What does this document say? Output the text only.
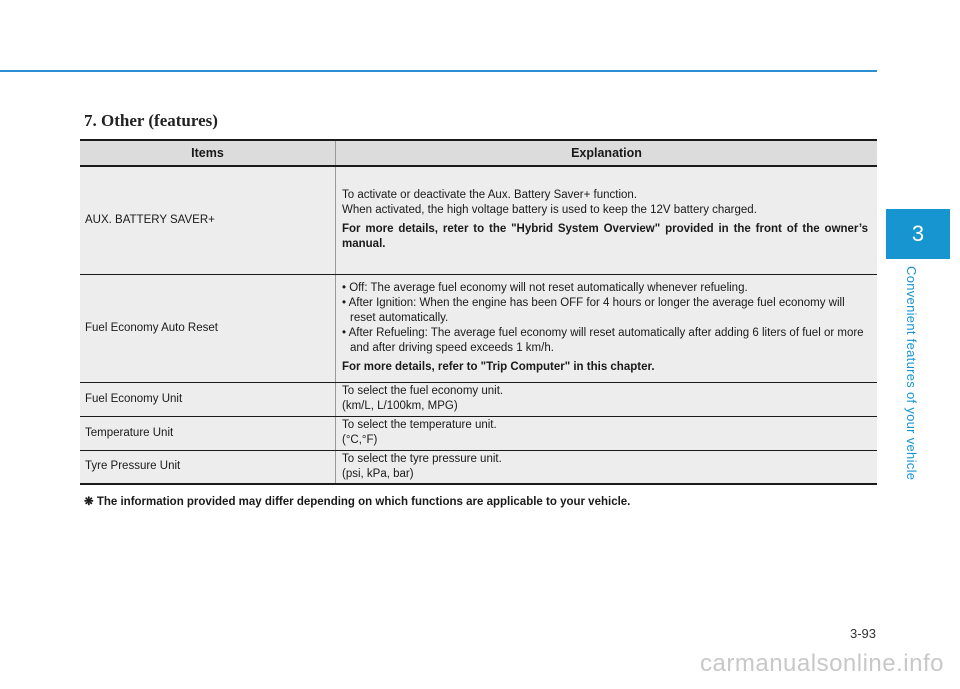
7. Other (features)
Items	Explanation
AUX. BATTERY SAVER+	To activate or deactivate the Aux. Battery Saver+ function.

When activated, the high voltage battery is used to keep the 12V battery charged.

For more details, reter to the "Hybrid System Overview" provided in the front of the owner’s manual.

Fuel Economy Auto Reset	• Off: The average fuel economy will not reset automatically whenever refueling.

• After Ignition: When the engine has been OFF for 4 hours or longer the average fuel economy will reset automatically.

• After Refueling: The average fuel economy will reset automatically after adding 6 liters of fuel or more and after driving speed exceeds 1 km/h.

For more details, refer to "Trip Computer" in this chapter.

Fuel Economy Unit	To select the fuel economy unit.

(km/L, L/100km, MPG)

Temperature Unit	To select the temperature unit.

(°C,°F)

Tyre Pressure Unit	To select the tyre pressure unit.

(psi, kPa, bar)

❋ The information provided may differ depending on which functions are applicable to your vehicle.

3
Convenient features of your vehicle
3-93
carmanualsonline.info
